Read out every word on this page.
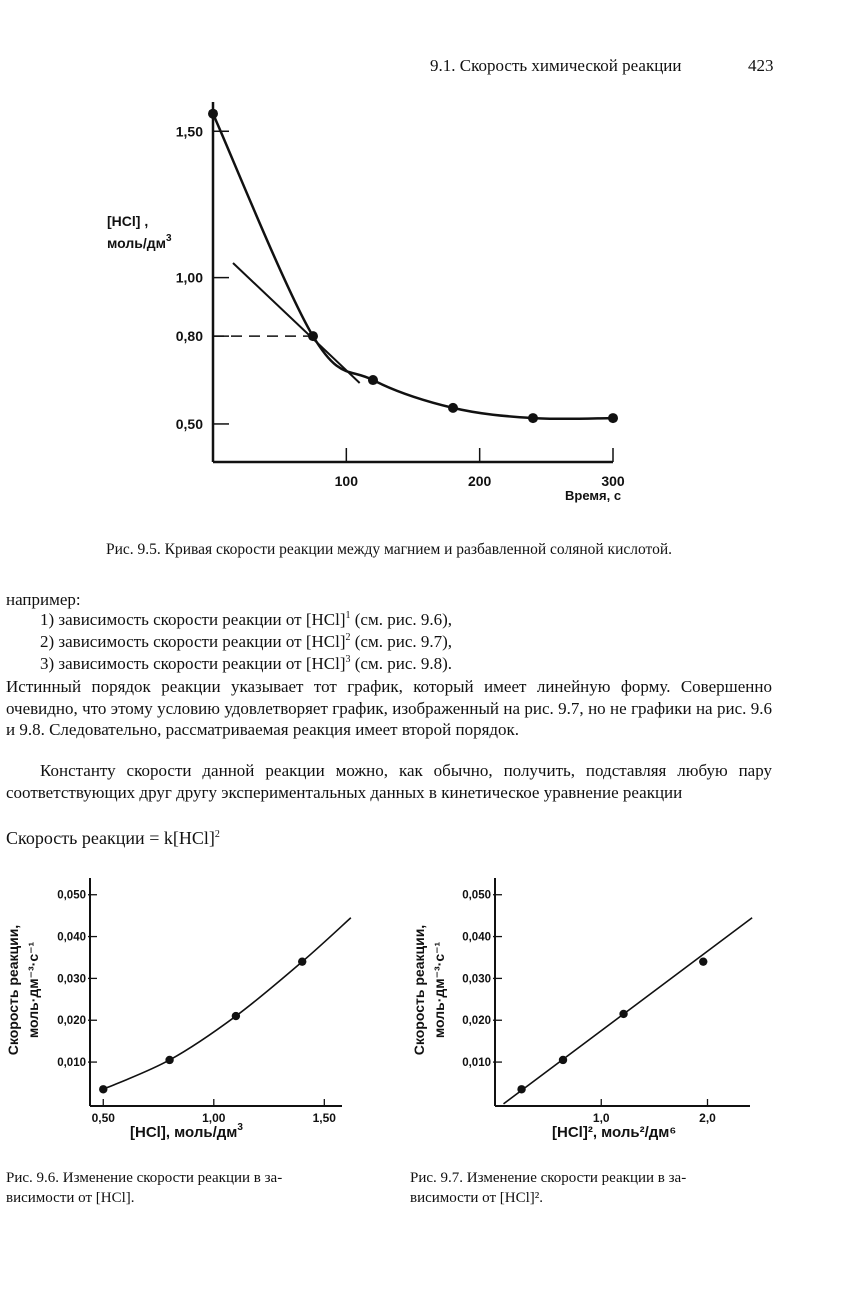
9.1. Скорость химической реакции	423
0,50
0,80
1,00
1,50
100	200	300
[HCl] ,
моль/$дм^3$
Время, с
Рис. 9.5. Кривая скорости реакции между магнием и разбавленной соляной кислотой.
например:
1) зависимость скорости реакции от [HCl]$^1$ (см. рис. 9.6),
2) зависимость скорости реакции от [HCl]$^2$ (см. рис. 9.7),
3) зависимость скорости реакции от [HCl]$^3$ (см. рис. 9.8).
Истинный порядок реакции указывает тот график, который имеет линейную форму. Совершенно очевидно, что этому условию удовлетворяет график, изображенный на рис. 9.7, но не графики на рис. 9.6 и 9.8. Следовательно, рассматриваемая реакция имеет второй порядок.
Константу скорости данной реакции можно, как обычно, получить, подставляя любую пару соответствующих друг другу экспериментальных данных в кинетическое уравнение реакции
Скорость реакции = k[HCl]$^2$
0,010
0,020
0,030
0,040
0,050
0,50	1,00	1,50
Скорость реакции, моль·дм⁻³·с⁻¹
[HCl], моль/$дм^3$
Рис. 9.6. Изменение скорости реакции в за-
висимости от [HCl].
0,010
0,020
0,030
0,040
0,050
1,0	2,0
Скорость реакции, моль·дм⁻³·с⁻¹
[HCl]², моль²/дм⁶
Рис. 9.7. Изменение скорости реакции в за-
висимости от [HCl]².
